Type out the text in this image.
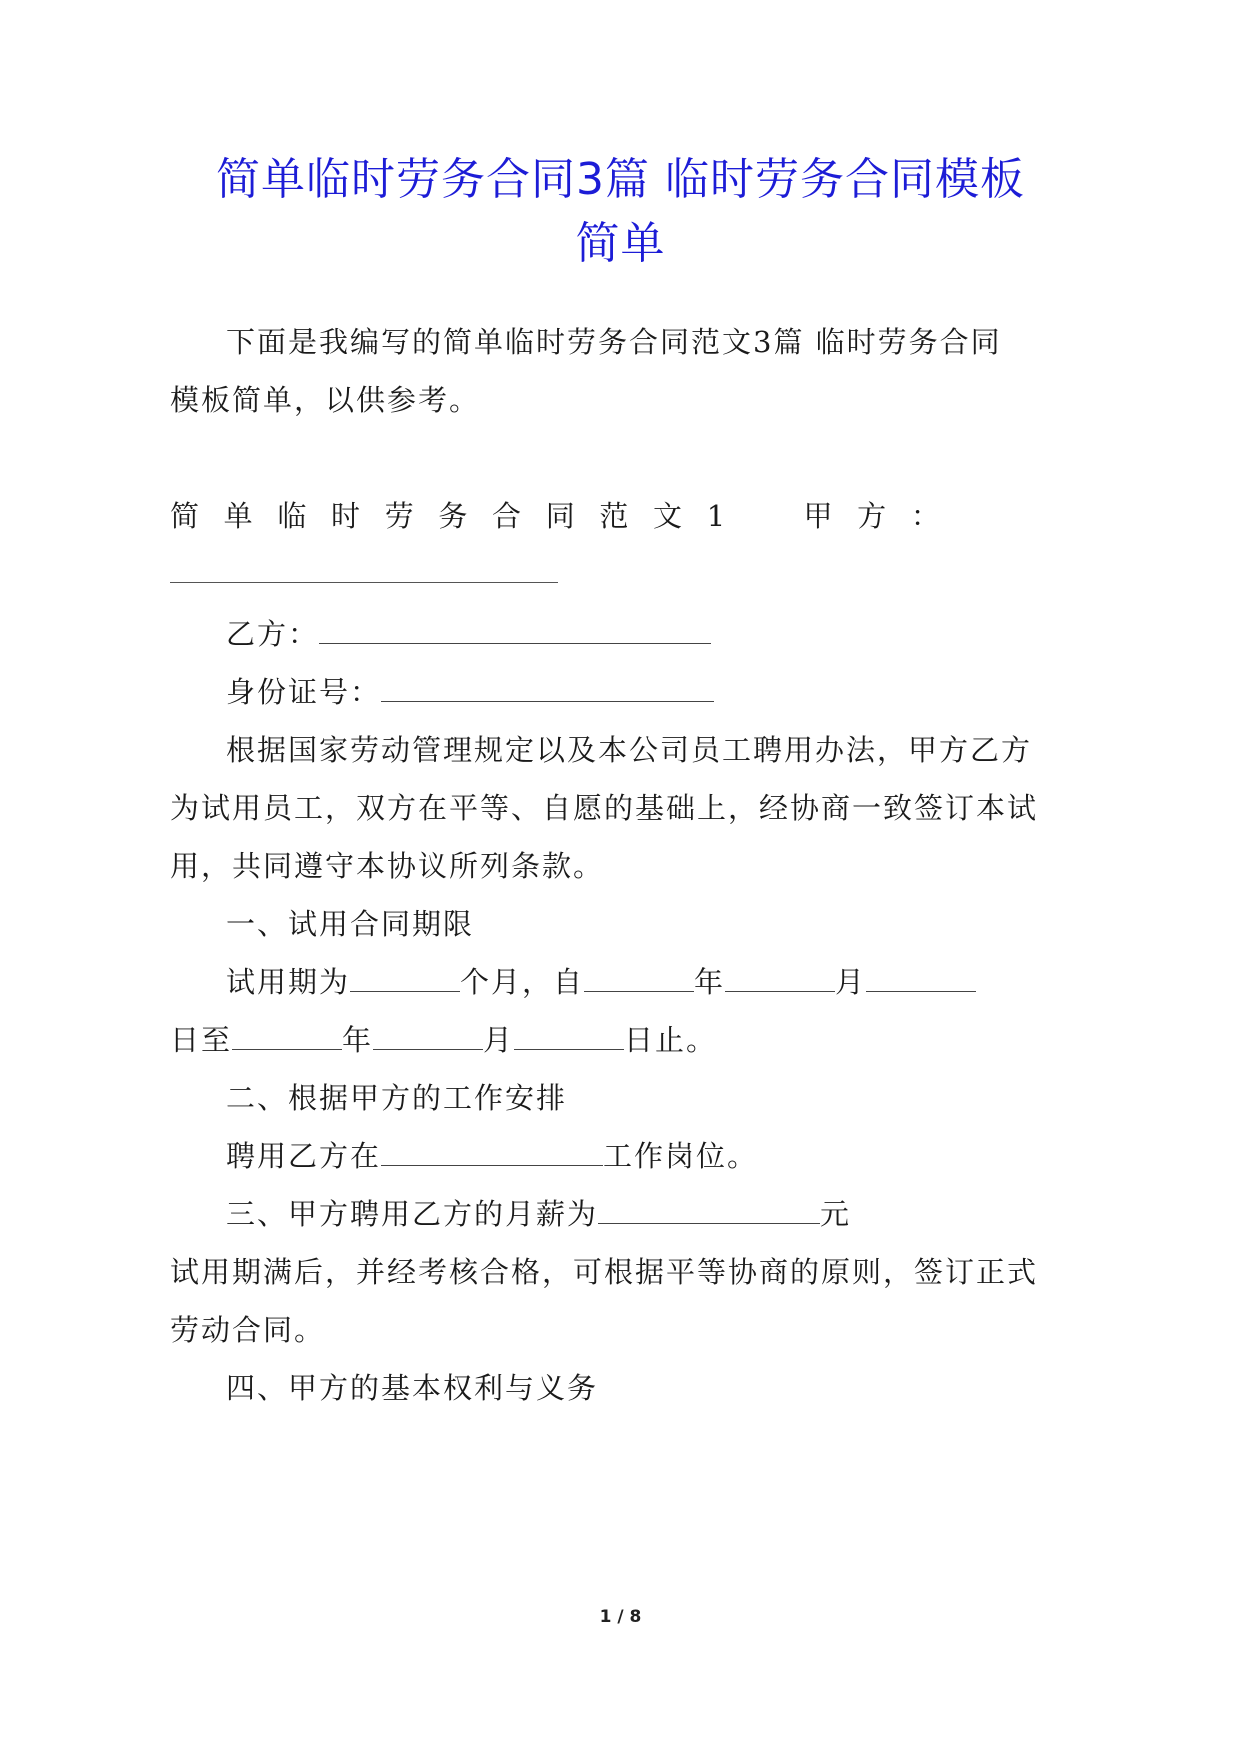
简单临时劳务合同3篇 临时劳务合同模板
简单
下面是我编写的简单临时劳务合同范文3篇 临时劳务合同
模板简单，以供参考。
简 单 临 时 劳 务 合 同 范 文 1	甲 方 ：
乙方：
身份证号：
根据国家劳动管理规定以及本公司员工聘用办法，甲方乙方
为试用员工，双方在平等、自愿的基础上，经协商一致签订本试
用，共同遵守本协议所列条款。
一、试用合同期限
试用期为	个月，自	年	月
日至	年	月	日止。
二、根据甲方的工作安排
聘用乙方在	工作岗位。
三、甲方聘用乙方的月薪为	元
试用期满后，并经考核合格，可根据平等协商的原则，签订正式
劳动合同。
四、甲方的基本权利与义务
1 / 8
